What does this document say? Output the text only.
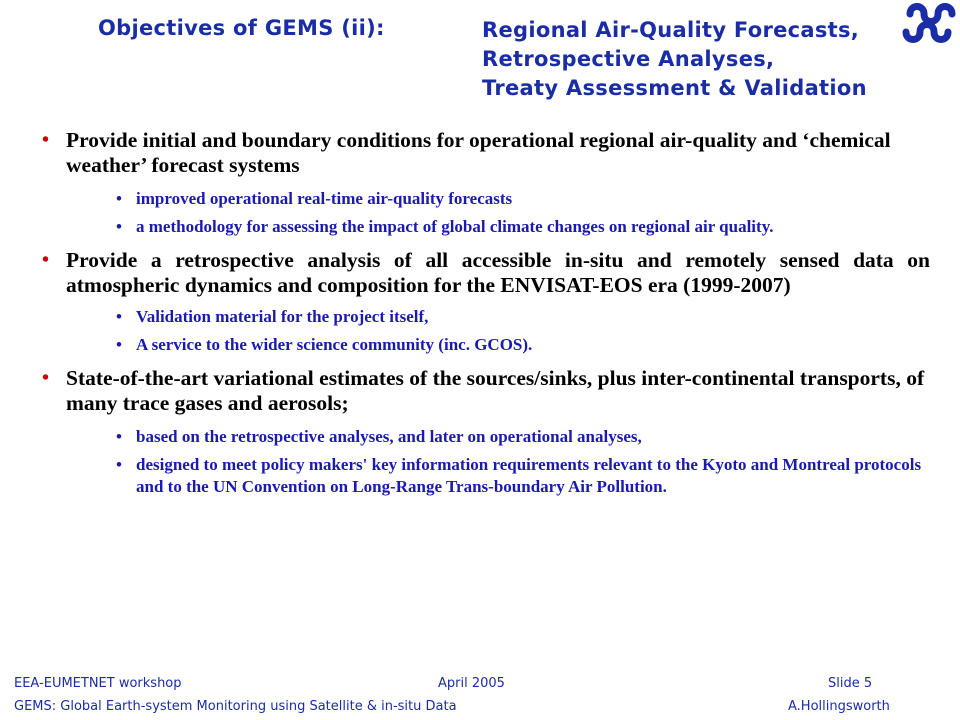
Objectives of GEMS (ii):	Regional Air-Quality Forecasts,
Retrospective Analyses,
Treaty Assessment & Validation
• Provide initial and boundary conditions for operational regional air-quality and ‘chemical weather’ forecast systems
• improved operational real-time air-quality forecasts
• a methodology for assessing the impact of global climate changes on regional air quality.
• Provide a retrospective analysis of all accessible in-situ and remotely sensed data on atmospheric dynamics and composition for the ENVISAT-EOS era (1999-2007)
• Validation material for the project itself,
• A service to the wider science community (inc. GCOS).
• State-of-the-art variational estimates of the sources/sinks, plus inter-continental transports, of many trace gases and aerosols;
• based on the retrospective analyses, and later on operational analyses,
• designed to meet policy makers' key information requirements relevant to the Kyoto and Montreal protocols and to the UN Convention on Long-Range Trans-boundary Air Pollution.
EEA-EUMETNET workshop	April 2005	Slide 5
GEMS: Global Earth-system Monitoring using Satellite & in-situ Data	A.Hollingsworth
